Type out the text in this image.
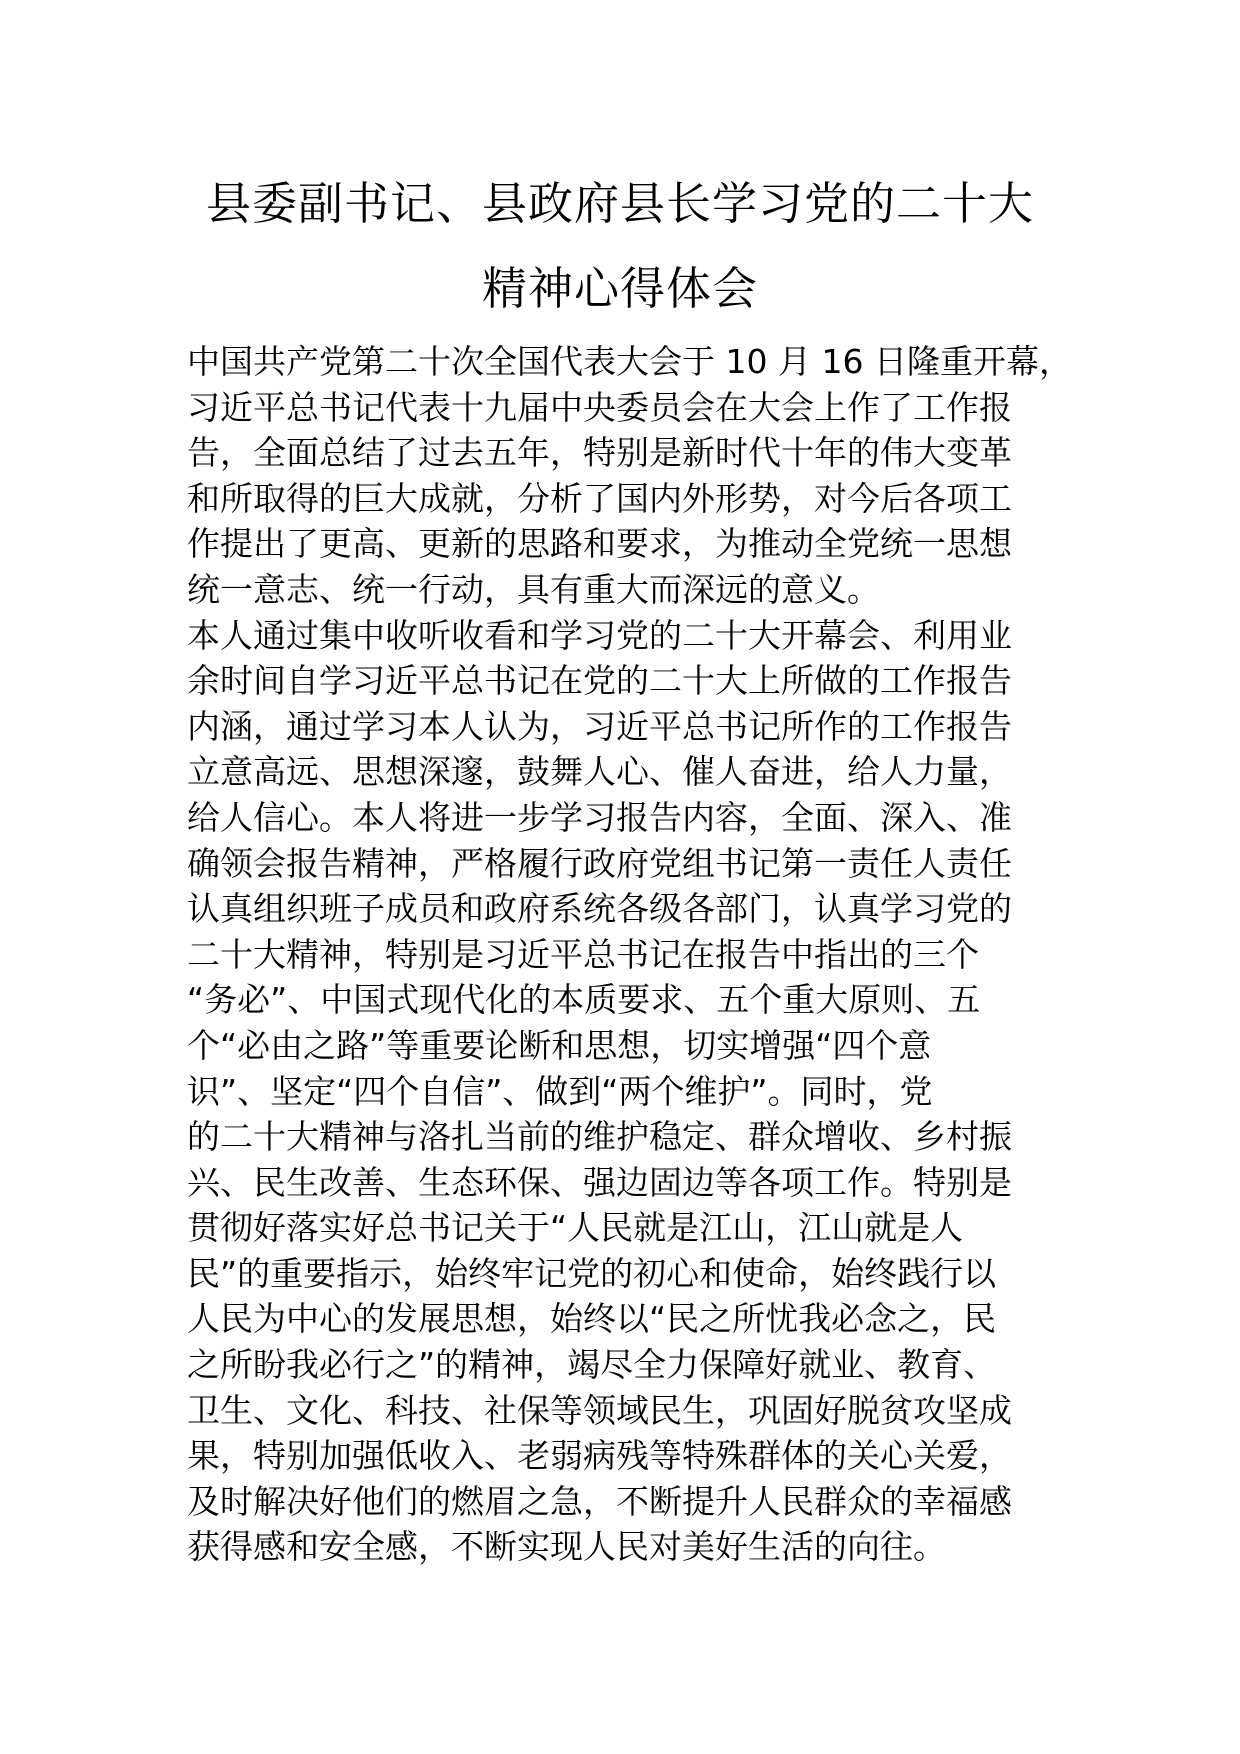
县委副书记、县政府县长学习党的二十大
精神心得体会
中国共产党第二十次全国代表大会于 10 月 16 日隆重开幕，
习近平总书记代表十九届中央委员会在大会上作了工作报
告，全面总结了过去五年，特别是新时代十年的伟大变革
和所取得的巨大成就，分析了国内外形势，对今后各项工
作提出了更高、更新的思路和要求，为推动全党统一思想
统一意志、统一行动，具有重大而深远的意义。
本人通过集中收听收看和学习党的二十大开幕会、利用业
余时间自学习近平总书记在党的二十大上所做的工作报告
内涵，通过学习本人认为，习近平总书记所作的工作报告
立意高远、思想深邃，鼓舞人心、催人奋进，给人力量，
给人信心。本人将进一步学习报告内容，全面、深入、准
确领会报告精神，严格履行政府党组书记第一责任人责任
认真组织班子成员和政府系统各级各部门，认真学习党的
二十大精神，特别是习近平总书记在报告中指出的三个
“务必”、中国式现代化的本质要求、五个重大原则、五
个“必由之路”等重要论断和思想，切实增强“四个意
识”、坚定“四个自信”、做到“两个维护”。同时，党
的二十大精神与洛扎当前的维护稳定、群众增收、乡村振
兴、民生改善、生态环保、强边固边等各项工作。特别是
贯彻好落实好总书记关于“人民就是江山，江山就是人
民”的重要指示，始终牢记党的初心和使命，始终践行以
人民为中心的发展思想，始终以“民之所忧我必念之，民
之所盼我必行之”的精神，竭尽全力保障好就业、教育、
卫生、文化、科技、社保等领域民生，巩固好脱贫攻坚成
果，特别加强低收入、老弱病残等特殊群体的关心关爱，
及时解决好他们的燃眉之急，不断提升人民群众的幸福感
获得感和安全感，不断实现人民对美好生活的向往。
